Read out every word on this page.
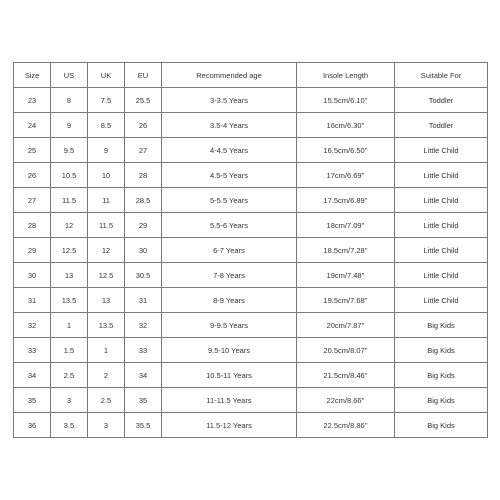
Size	US	UK	EU	Recommended age	Insole Length	Suitable For
23	8	7.5	25.5	3-3.5 Years	15.5cm/6.10''	Toddler
24	9	8.5	26	3.5-4 Years	16cm/6.30''	Toddler
25	9.5	9	27	4-4.5 Years	16.5cm/6.50''	Little Child
26	10.5	10	28	4.5-5 Years	17cm/6.69''	Little Child
27	11.5	11	28.5	5-5.5 Years	17.5cm/6.89''	Little Child
28	12	11.5	29	5.5-6 Years	18cm/7.09''	Little Child
29	12.5	12	30	6-7 Years	18.5cm/7.28''	Little Child
30	13	12.5	30.5	7-8 Years	19cm/7.48''	Little Child
31	13.5	13	31	8-9 Years	19.5cm/7.68''	Little Child
32	1	13.5	32	9-9.5 Years	20cm/7.87''	Big Kids
33	1.5	1	33	9.5-10 Years	20.5cm/8.07''	Big Kids
34	2.5	2	34	10.5-11 Years	21.5cm/8.46''	Big Kids
35	3	2.5	35	11-11.5 Years	22cm/8.66''	Big Kids
36	3.5	3	35.5	11.5-12 Years	22.5cm/8.86''	Big Kids
